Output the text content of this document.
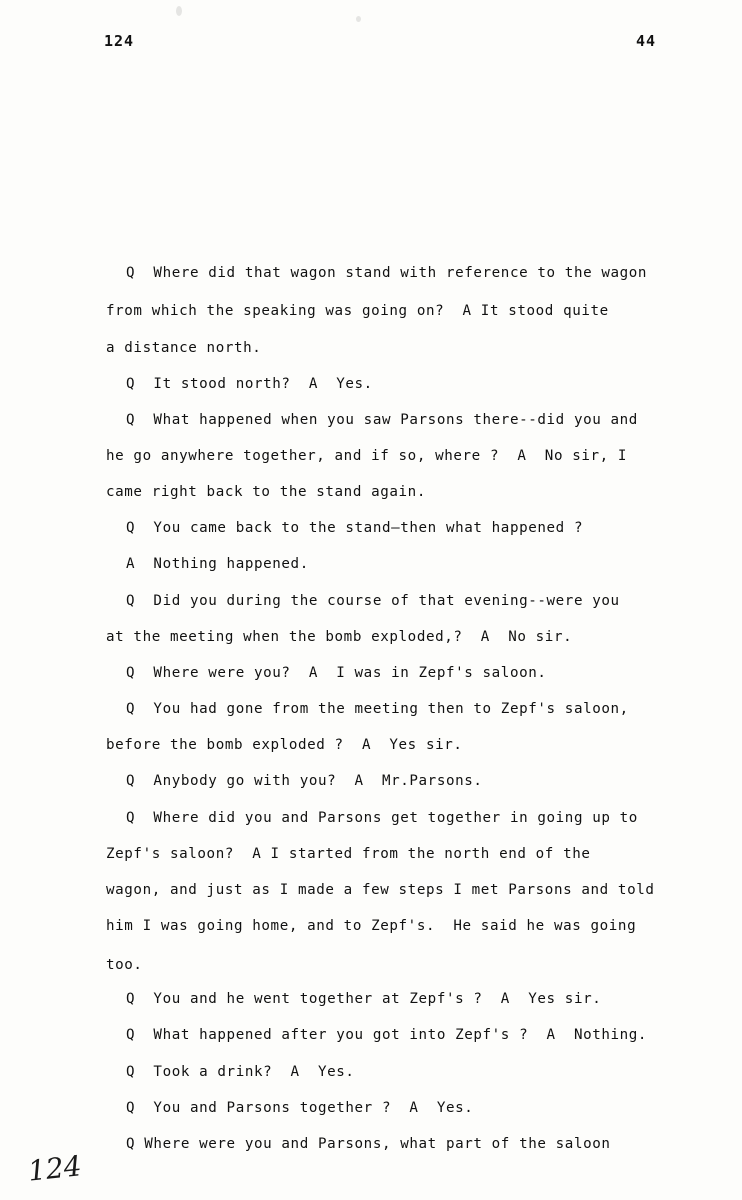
124	44
Q  Where did that wagon stand with reference to the wagon
from which the speaking was going on?  A It stood quite
a distance north.
Q  It stood north?  A  Yes.
Q  What happened when you saw Parsons there--did you and
he go anywhere together, and if so, where ?  A  No sir, I
came right back to the stand again.
Q  You came back to the stand—then what happened ?
A  Nothing happened.
Q  Did you during the course of that evening--were you
at the meeting when the bomb exploded,?  A  No sir.
Q  Where were you?  A  I was in Zepf's saloon.
Q  You had gone from the meeting then to Zepf's saloon,
before the bomb exploded ?  A  Yes sir.
Q  Anybody go with you?  A  Mr.Parsons.
Q  Where did you and Parsons get together in going up to
Zepf's saloon?  A I started from the north end of the
wagon, and just as I made a few steps I met Parsons and told
him I was going home, and to Zepf's.  He said he was going
too.
Q  You and he went together at Zepf's ?  A  Yes sir.
Q  What happened after you got into Zepf's ?  A  Nothing.
Q  Took a drink?  A  Yes.
Q  You and Parsons together ?  A  Yes.
Q Where were you and Parsons, what part of the saloon
124
